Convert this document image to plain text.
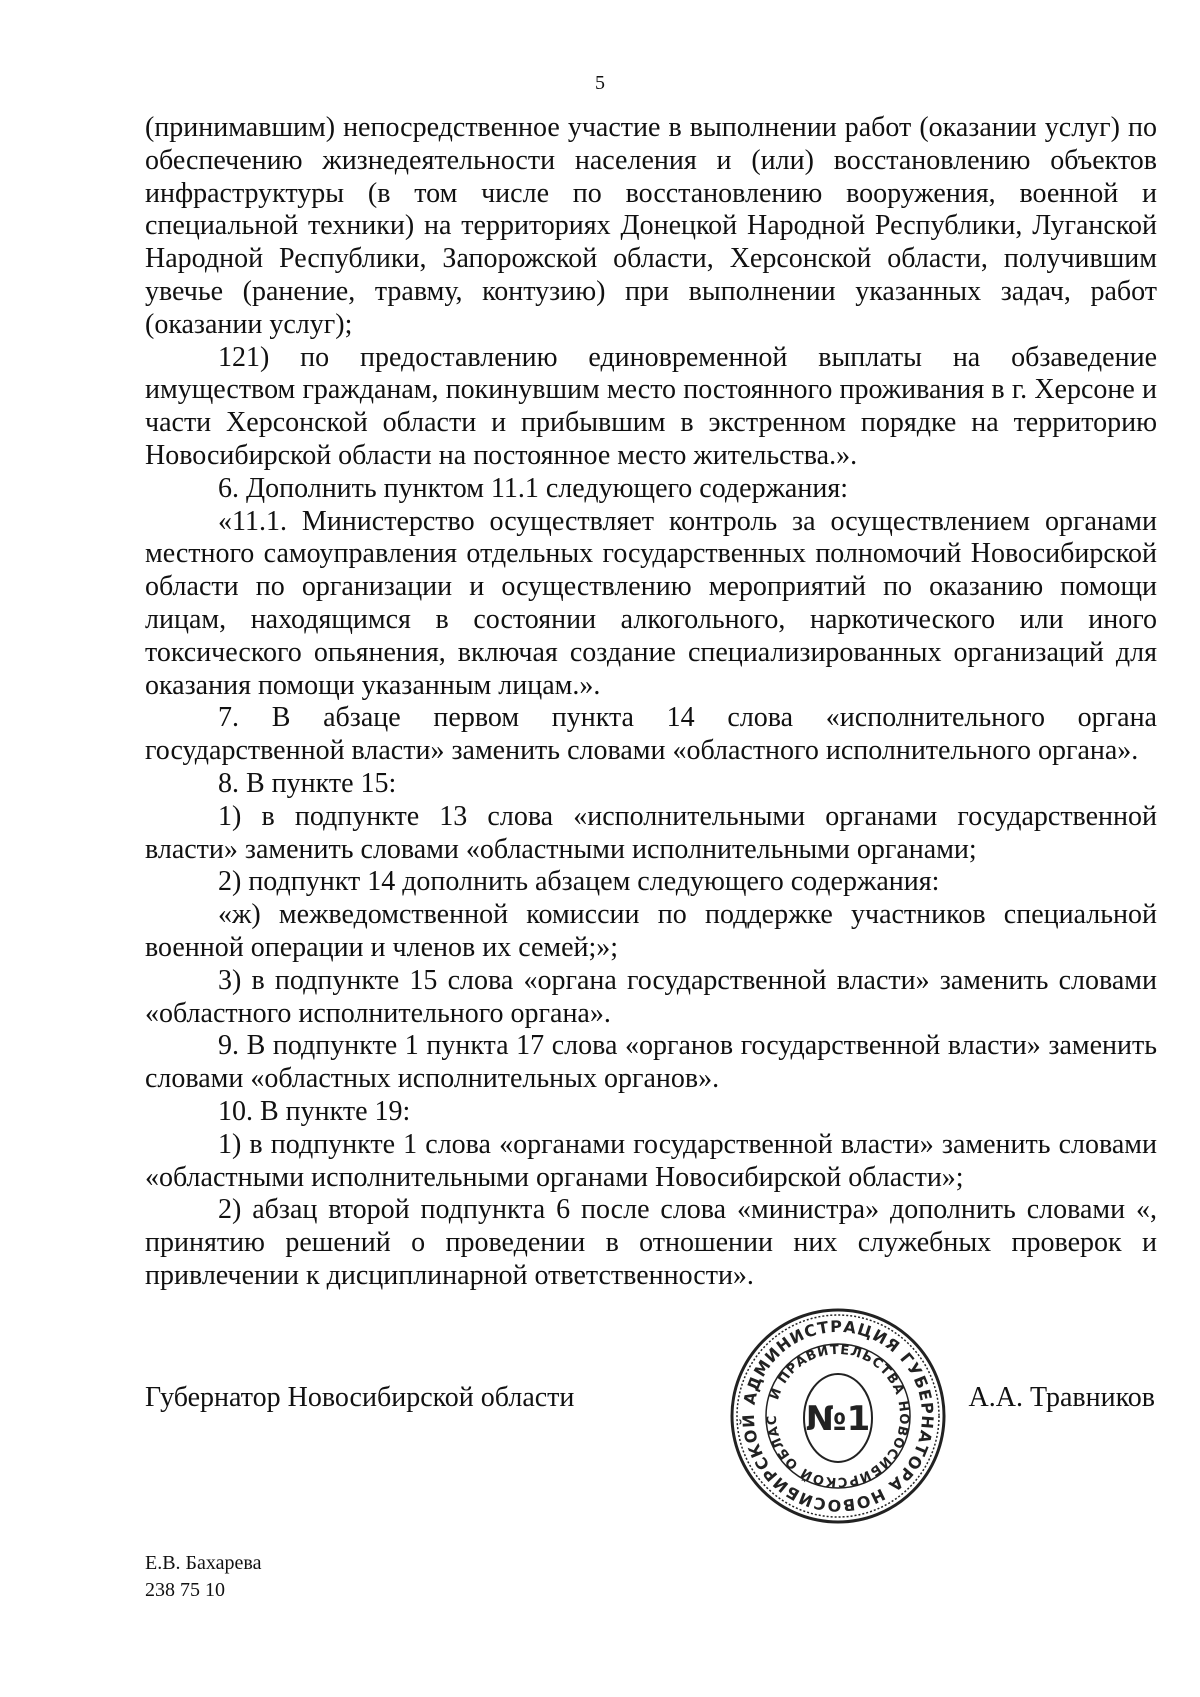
5

(принимавшим) непосредственное участие в выполнении работ (оказании услуг) по обеспечению жизнедеятельности населения и (или) восстановлению объектов инфраструктуры (в том числе по восстановлению вооружения, военной и специальной техники) на территориях Донецкой Народной Республики, Луганской Народной Республики, Запорожской области, Херсонской области, получившим увечье (ранение, травму, контузию) при выполнении указанных задач, работ (оказании услуг);

121) по предоставлению единовременной выплаты на обзаведение имуществом гражданам, покинувшим место постоянного проживания в г. Херсоне и части Херсонской области и прибывшим в экстренном порядке на территорию Новосибирской области на постоянное место жительства.».

6. Дополнить пунктом 11.1 следующего содержания:

«11.1. Министерство осуществляет контроль за осуществлением органами местного самоуправления отдельных государственных полномочий Новосибирской области по организации и осуществлению мероприятий по оказанию помощи лицам, находящимся в состоянии алкогольного, наркотического или иного токсического опьянения, включая создание специализированных организаций для оказания помощи указанным лицам.».

7. В абзаце первом пункта 14 слова «исполнительного органа государственной власти» заменить словами «областного исполнительного органа».

8. В пункте 15:

1) в подпункте 13 слова «исполнительными органами государственной власти» заменить словами «областными исполнительными органами;

2) подпункт 14 дополнить абзацем следующего содержания:

«ж) межведомственной комиссии по поддержке участников специальной военной операции и членов их семей;»;

3) в подпункте 15 слова «органа государственной власти» заменить словами «областного исполнительного органа».

9. В подпункте 1 пункта 17 слова «органов государственной власти» заменить словами «областных исполнительных органов».

10. В пункте 19:

1) в подпункте 1 слова «органами государственной власти» заменить словами «областными исполнительными органами Новосибирской области»;

2) абзац второй подпункта 6 после слова «министра» дополнить словами «, принятию решений о проведении в отношении них служебных проверок и привлечении к дисциплинарной ответственности».

Губернатор Новосибирской области	АДМИНИСТРАЦИЯ ГУБЕРНАТОРА НОВОСИБИРСКОЙ
И ПРАВИТЕЛЬСТВА НОВОСИБИРСКОЙ ОБЛАС №1
А.А. Травников
Е.В. Бахарева
238 75 10
